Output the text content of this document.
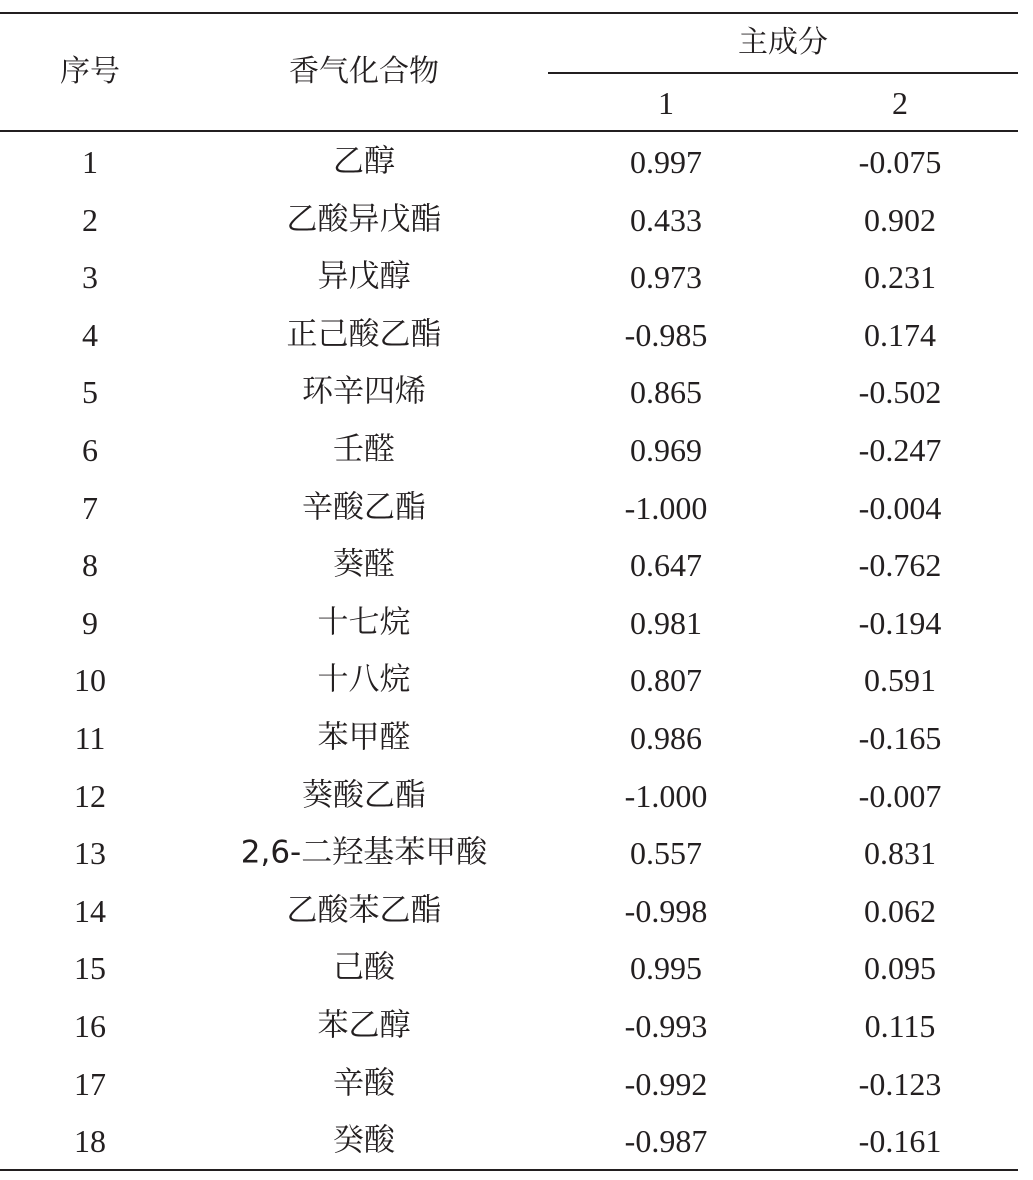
序号	香气化合物
主成分
1	2
1	乙醇	0.997	-0.075
2	乙酸异戊酯	0.433	0.902
3	异戊醇	0.973	0.231
4	正己酸乙酯	-0.985	0.174
5	环辛四烯	0.865	-0.502
6	壬醛	0.969	-0.247
7	辛酸乙酯	-1.000	-0.004
8	葵醛	0.647	-0.762
9	十七烷	0.981	-0.194
10	十八烷	0.807	0.591
11	苯甲醛	0.986	-0.165
12	葵酸乙酯	-1.000	-0.007
13	2,6-二羟基苯甲酸	0.557	0.831
14	乙酸苯乙酯	-0.998	0.062
15	己酸	0.995	0.095
16	苯乙醇	-0.993	0.115
17	辛酸	-0.992	-0.123
18	癸酸	-0.987	-0.161
